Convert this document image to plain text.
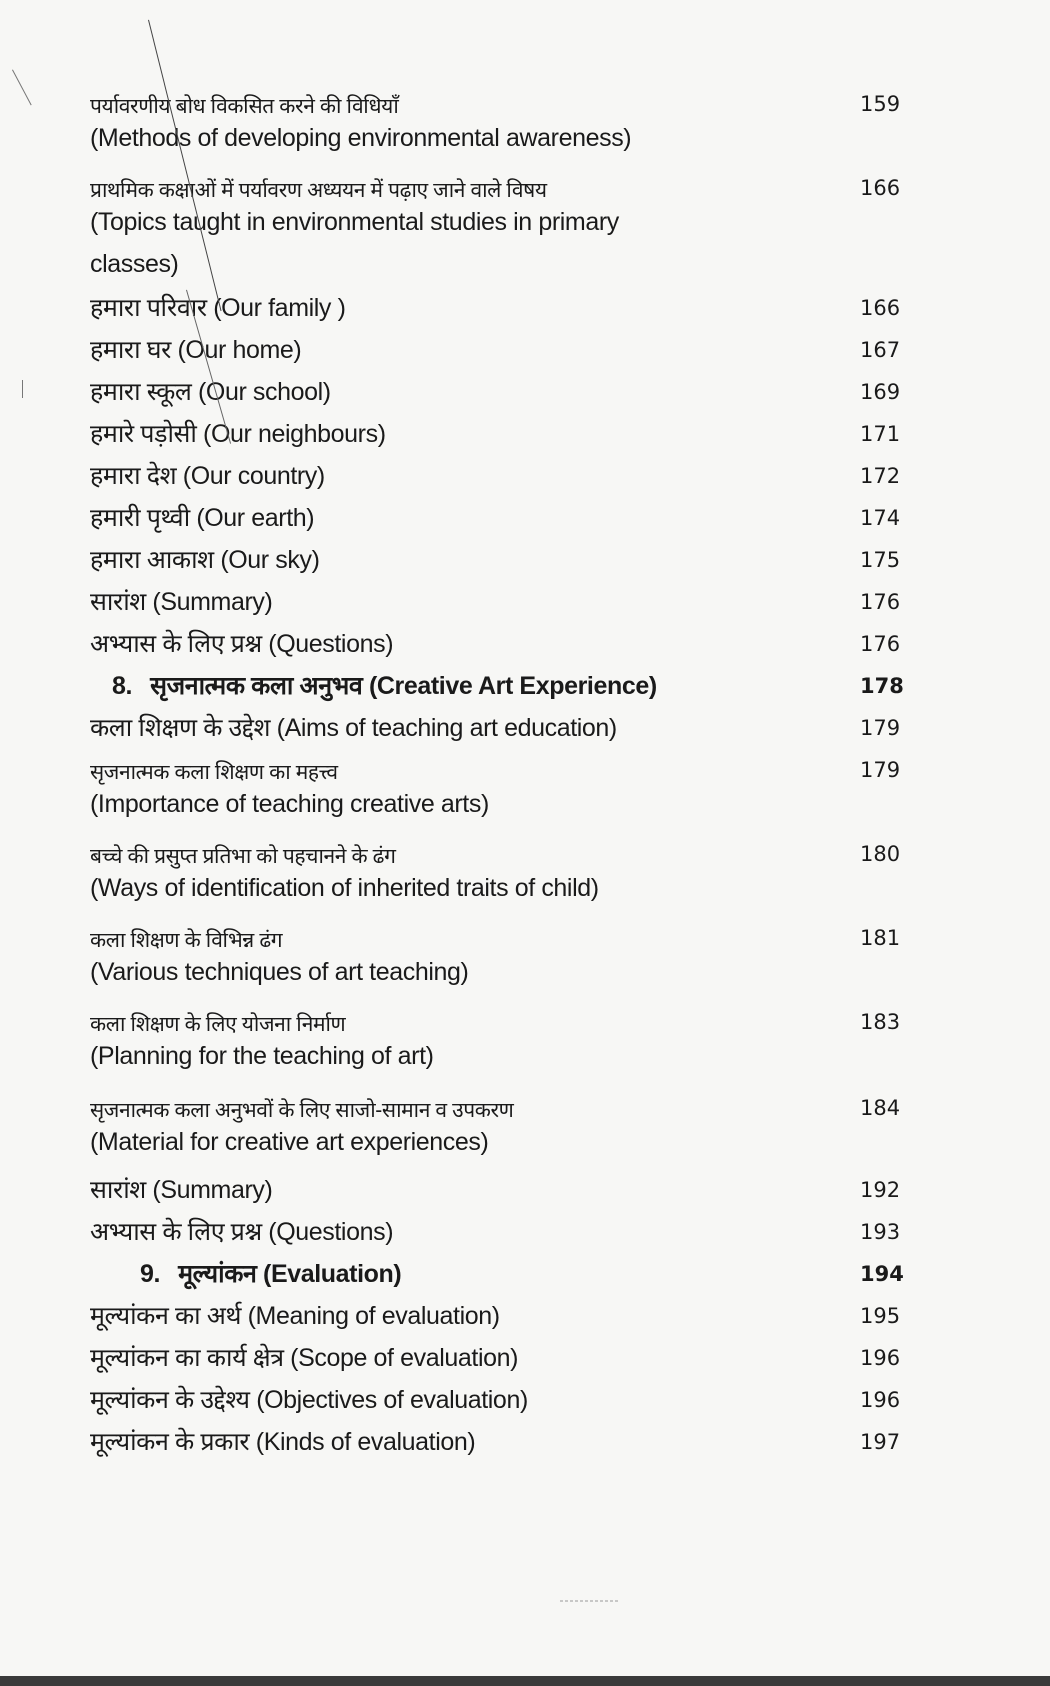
पर्यावरणीय बोध विकसित करने की विधियाँ	159
(Methods of developing environmental awareness)
प्राथमिक कक्षाओं में पर्यावरण अध्ययन में पढ़ाए जाने वाले विषय	166
(Topics taught in environmental studies in primary
classes)
हमारा परिवार (Our family )	166
हमारा घर (Our home)	167
हमारा स्कूल (Our school)	169
हमारे पड़ोसी (Our neighbours)	171
हमारा देश (Our country)	172
हमारी पृथ्वी (Our earth)	174
हमारा आकाश (Our sky)	175
सारांश (Summary)	176
अभ्यास के लिए प्रश्न (Questions)	176
8. सृजनात्मक कला अनुभव (Creative Art Experience)	178
कला शिक्षण के उद्देश (Aims of teaching art education)	179
सृजनात्मक कला शिक्षण का महत्त्व	179
(Importance of teaching creative arts)
बच्चे की प्रसुप्त प्रतिभा को पहचानने के ढंग	180
(Ways of identification of inherited traits of child)
कला शिक्षण के विभिन्न ढंग	181
(Various techniques of art teaching)
कला शिक्षण के लिए योजना निर्माण	183
(Planning for the teaching of art)
सृजनात्मक कला अनुभवों के लिए साजो-सामान व उपकरण	184
(Material for creative art experiences)
सारांश (Summary)	192
अभ्यास के लिए प्रश्न (Questions)	193
9. मूल्यांकन (Evaluation)	194
मूल्यांकन का अर्थ (Meaning of evaluation)	195
मूल्यांकन का कार्य क्षेत्र (Scope of evaluation)	196
मूल्यांकन के उद्देश्य (Objectives of evaluation)	196
मूल्यांकन के प्रकार (Kinds of evaluation)	197
